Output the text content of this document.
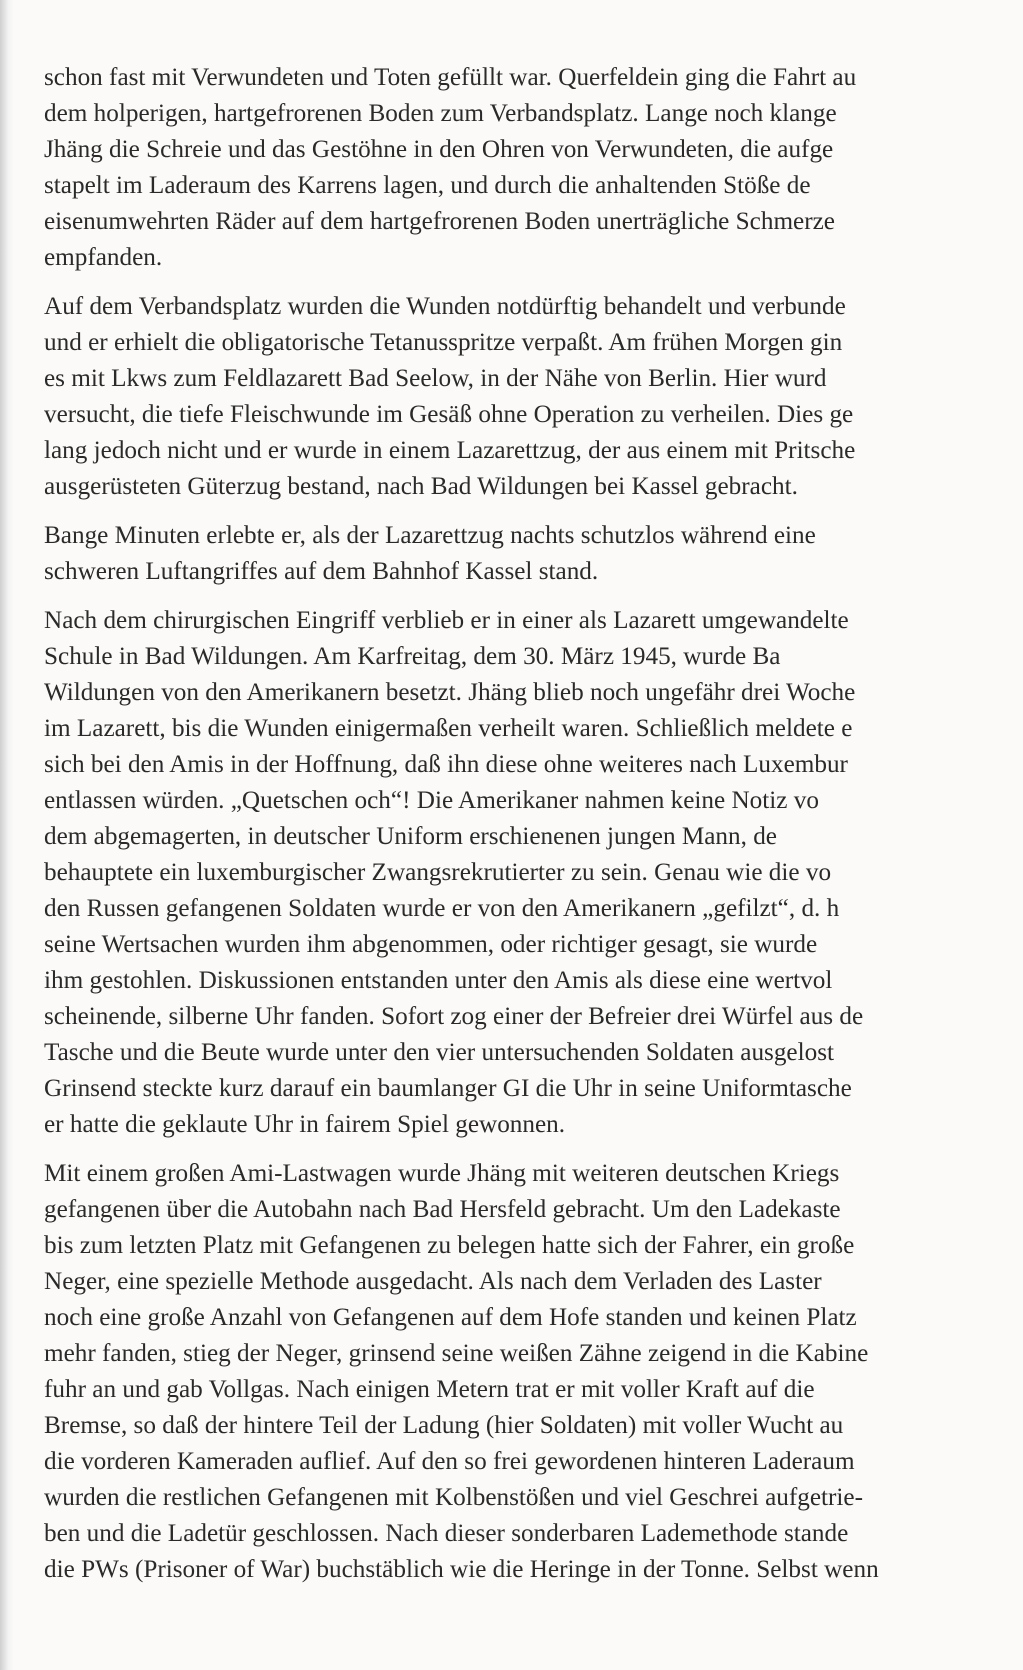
schon fast mit Verwundeten und Toten gefüllt war. Querfeldein ging die Fahrt au
dem holperigen, hartgefrorenen Boden zum Verbandsplatz. Lange noch klange
Jhäng die Schreie und das Gestöhne in den Ohren von Verwundeten, die aufge
stapelt im Laderaum des Karrens lagen, und durch die anhaltenden Stöße de
eisenumwehrten Räder auf dem hartgefrorenen Boden unerträgliche Schmerze
empfanden.
Auf dem Verbandsplatz wurden die Wunden notdürftig behandelt und verbunde
und er erhielt die obligatorische Tetanusspritze verpaßt. Am frühen Morgen gin
es mit Lkws zum Feldlazarett Bad Seelow, in der Nähe von Berlin. Hier wurd
versucht, die tiefe Fleischwunde im Gesäß ohne Operation zu verheilen. Dies ge
lang jedoch nicht und er wurde in einem Lazarettzug, der aus einem mit Pritsche
ausgerüsteten Güterzug bestand, nach Bad Wildungen bei Kassel gebracht.
Bange Minuten erlebte er, als der Lazarettzug nachts schutzlos während eine
schweren Luftangriffes auf dem Bahnhof Kassel stand.
Nach dem chirurgischen Eingriff verblieb er in einer als Lazarett umgewandelte
Schule in Bad Wildungen. Am Karfreitag, dem 30. März 1945, wurde Ba
Wildungen von den Amerikanern besetzt. Jhäng blieb noch ungefähr drei Woche
im Lazarett, bis die Wunden einigermaßen verheilt waren. Schließlich meldete e
sich bei den Amis in der Hoffnung, daß ihn diese ohne weiteres nach Luxembur
entlassen würden. „Quetschen och“! Die Amerikaner nahmen keine Notiz vo
dem abgemagerten, in deutscher Uniform erschienenen jungen Mann, de
behauptete ein luxemburgischer Zwangsrekrutierter zu sein. Genau wie die vo
den Russen gefangenen Soldaten wurde er von den Amerikanern „gefilzt“, d. h
seine Wertsachen wurden ihm abgenommen, oder richtiger gesagt, sie wurde
ihm gestohlen. Diskussionen entstanden unter den Amis als diese eine wertvol
scheinende, silberne Uhr fanden. Sofort zog einer der Befreier drei Würfel aus de
Tasche und die Beute wurde unter den vier untersuchenden Soldaten ausgelost
Grinsend steckte kurz darauf ein baumlanger GI die Uhr in seine Uniformtasche
er hatte die geklaute Uhr in fairem Spiel gewonnen.
Mit einem großen Ami-Lastwagen wurde Jhäng mit weiteren deutschen Kriegs
gefangenen über die Autobahn nach Bad Hersfeld gebracht. Um den Ladekaste
bis zum letzten Platz mit Gefangenen zu belegen hatte sich der Fahrer, ein große
Neger, eine spezielle Methode ausgedacht. Als nach dem Verladen des Laster
noch eine große Anzahl von Gefangenen auf dem Hofe standen und keinen Platz
mehr fanden, stieg der Neger, grinsend seine weißen Zähne zeigend in die Kabine
fuhr an und gab Vollgas. Nach einigen Metern trat er mit voller Kraft auf die
Bremse, so daß der hintere Teil der Ladung (hier Soldaten) mit voller Wucht au
die vorderen Kameraden auflief. Auf den so frei gewordenen hinteren Laderaum
wurden die restlichen Gefangenen mit Kolbenstößen und viel Geschrei aufgetrie-
ben und die Ladetür geschlossen. Nach dieser sonderbaren Lademethode stande
die PWs (Prisoner of War) buchstäblich wie die Heringe in der Tonne. Selbst wenn
